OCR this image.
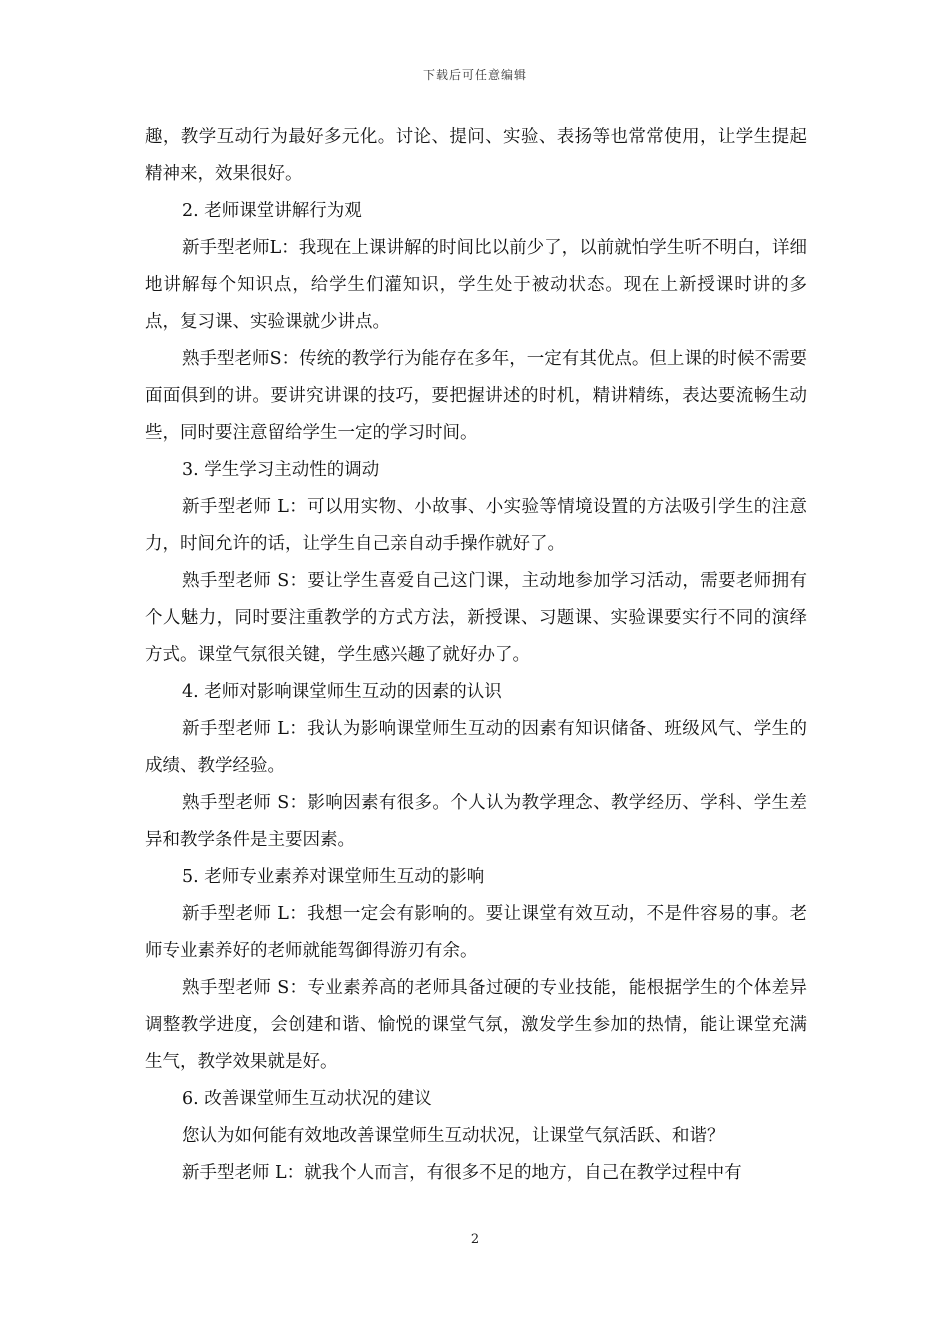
下载后可任意编辑

趣，教学互动行为最好多元化。讨论、提问、实验、表扬等也常常使用，让学生提起精神来，效果很好。

2. 老师课堂讲解行为观

新手型老师L：我现在上课讲解的时间比以前少了，以前就怕学生听不明白，详细地讲解每个知识点，给学生们灌知识，学生处于被动状态。现在上新授课时讲的多点，复习课、实验课就少讲点。

熟手型老师S：传统的教学行为能存在多年，一定有其优点。但上课的时候不需要面面俱到的讲。要讲究讲课的技巧，要把握讲述的时机，精讲精练，表达要流畅生动些，同时要注意留给学生一定的学习时间。

3. 学生学习主动性的调动

新手型老师 L：可以用实物、小故事、小实验等情境设置的方法吸引学生的注意力，时间允许的话，让学生自己亲自动手操作就好了。

熟手型老师 S：要让学生喜爱自己这门课，主动地参加学习活动，需要老师拥有个人魅力，同时要注重教学的方式方法，新授课、习题课、实验课要实行不同的演绎方式。课堂气氛很关键，学生感兴趣了就好办了。

4. 老师对影响课堂师生互动的因素的认识

新手型老师 L：我认为影响课堂师生互动的因素有知识储备、班级风气、学生的成绩、教学经验。

熟手型老师 S：影响因素有很多。个人认为教学理念、教学经历、学科、学生差异和教学条件是主要因素。

5. 老师专业素养对课堂师生互动的影响

新手型老师 L：我想一定会有影响的。要让课堂有效互动，不是件容易的事。老师专业素养好的老师就能驾御得游刃有余。

熟手型老师 S：专业素养高的老师具备过硬的专业技能，能根据学生的个体差异调整教学进度，会创建和谐、愉悦的课堂气氛，激发学生参加的热情，能让课堂充满生气，教学效果就是好。

6. 改善课堂师生互动状况的建议

您认为如何能有效地改善课堂师生互动状况，让课堂气氛活跃、和谐？

新手型老师 L：就我个人而言，有很多不足的地方，自己在教学过程中有

2
